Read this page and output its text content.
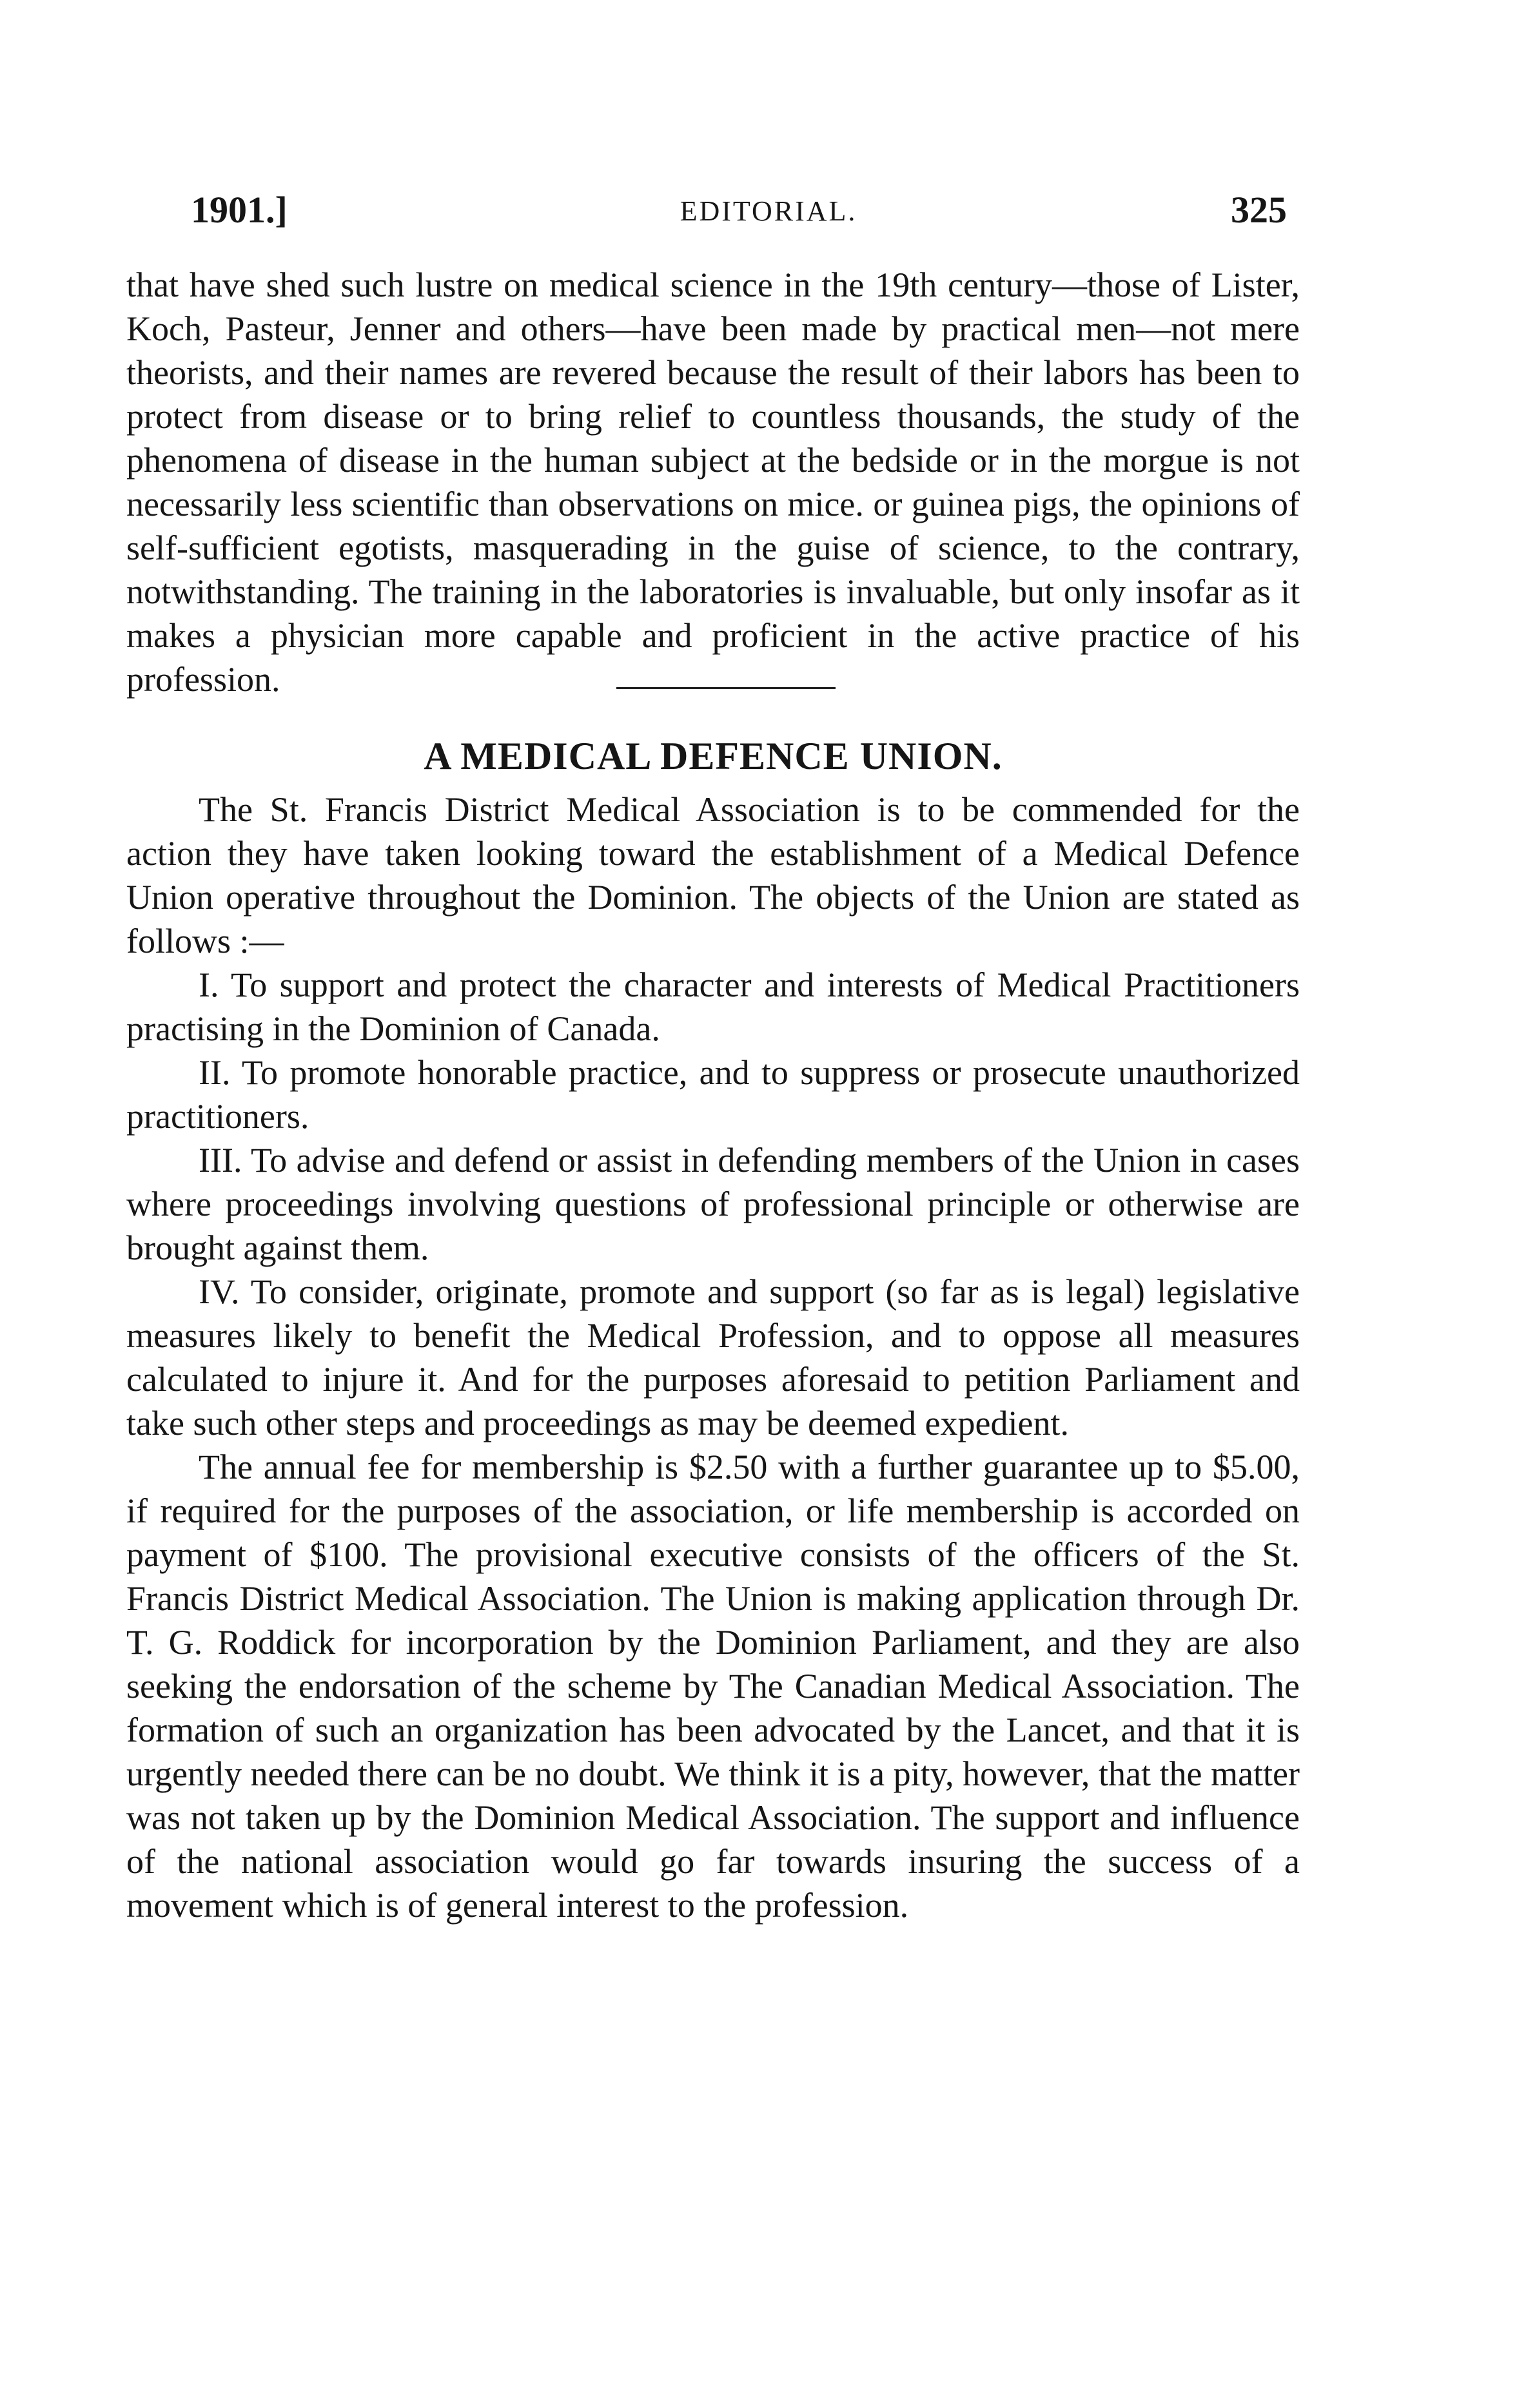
1901.]	EDITORIAL.	325

that have shed such lustre on medical science in the 19th century—those of Lister, Koch, Pasteur, Jenner and others—have been made by practical men—not mere theorists, and their names are revered because the result of their labors has been to protect from disease or to bring relief to countless thousands, the study of the phenomena of disease in the human subject at the bedside or in the morgue is not necessarily less scientific than observations on mice. or guinea pigs, the opinions of self-sufficient egotists, masquerading in the guise of science, to the contrary, notwithstanding. The training in the laboratories is invaluable, but only insofar as it makes a physician more capable and proficient in the active practice of his profession.

A MEDICAL DEFENCE UNION.

The St. Francis District Medical Association is to be commended for the action they have taken looking toward the establishment of a Medical Defence Union operative throughout the Dominion. The objects of the Union are stated as follows :—

I. To support and protect the character and interests of Medical Practitioners practising in the Dominion of Canada.

II. To promote honorable practice, and to suppress or prosecute unauthorized practitioners.

III. To advise and defend or assist in defending members of the Union in cases where proceedings involving questions of professional principle or otherwise are brought against them.

IV. To consider, originate, promote and support (so far as is legal) legislative measures likely to benefit the Medical Profession, and to oppose all measures calculated to injure it. And for the purposes aforesaid to petition Parliament and take such other steps and proceedings as may be deemed expedient.

The annual fee for membership is $2.50 with a further guarantee up to $5.00, if required for the purposes of the association, or life membership is accorded on payment of $100. The provisional executive consists of the officers of the St. Francis District Medical Association. The Union is making application through Dr. T. G. Roddick for incorporation by the Dominion Parliament, and they are also seeking the endorsation of the scheme by The Canadian Medical Association. The formation of such an organization has been advocated by the Lancet, and that it is urgently needed there can be no doubt. We think it is a pity, however, that the matter was not taken up by the Dominion Medical Association. The support and influence of the national association would go far towards insuring the success of a movement which is of general interest to the profession.
